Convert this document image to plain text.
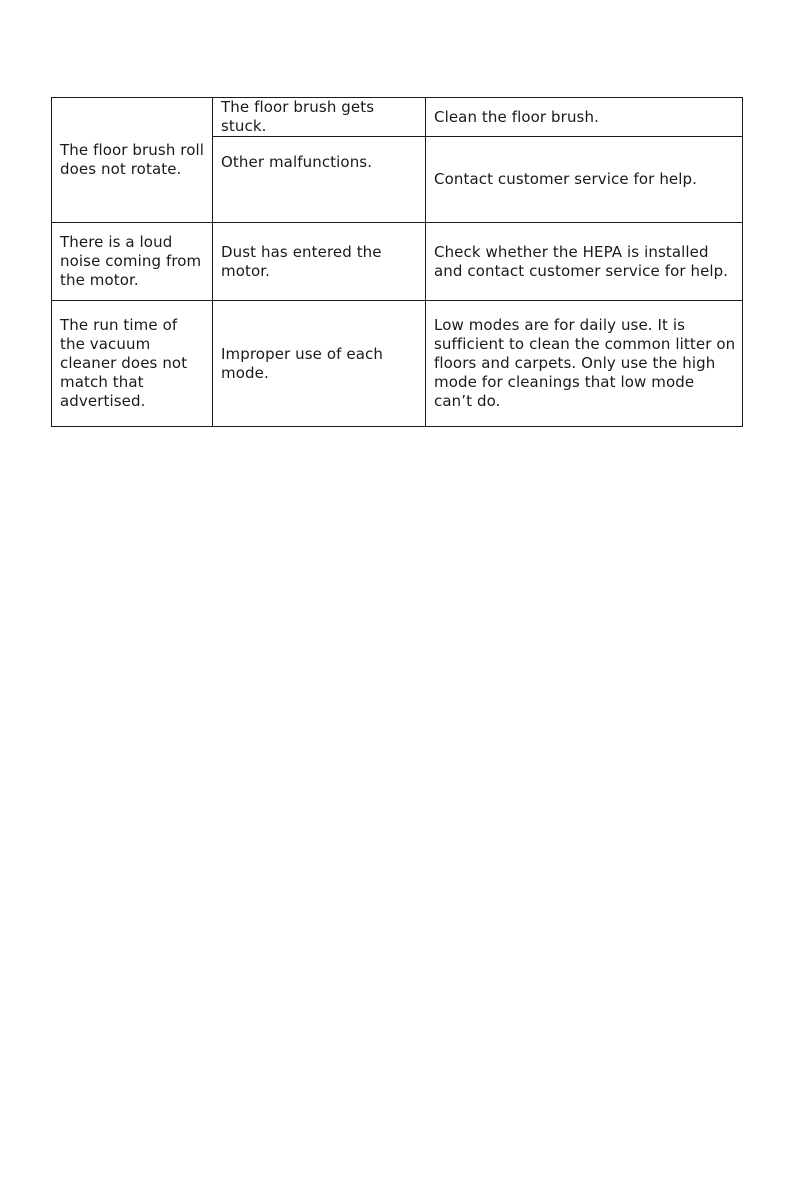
The floor brush roll does not rotate.	The floor brush gets stuck.	Clean the floor brush.
	Other malfunctions.	Contact customer service for help.
There is a loud noise coming from the motor.	Dust has entered the motor.	Check whether the HEPA is installed and contact customer service for help.
The run time of the vacuum cleaner does not match that advertised.	Improper use of each mode.	Low modes are for daily use. It is sufficient to clean the common litter on floors and carpets. Only use the high mode for cleanings that low mode can’t do.
